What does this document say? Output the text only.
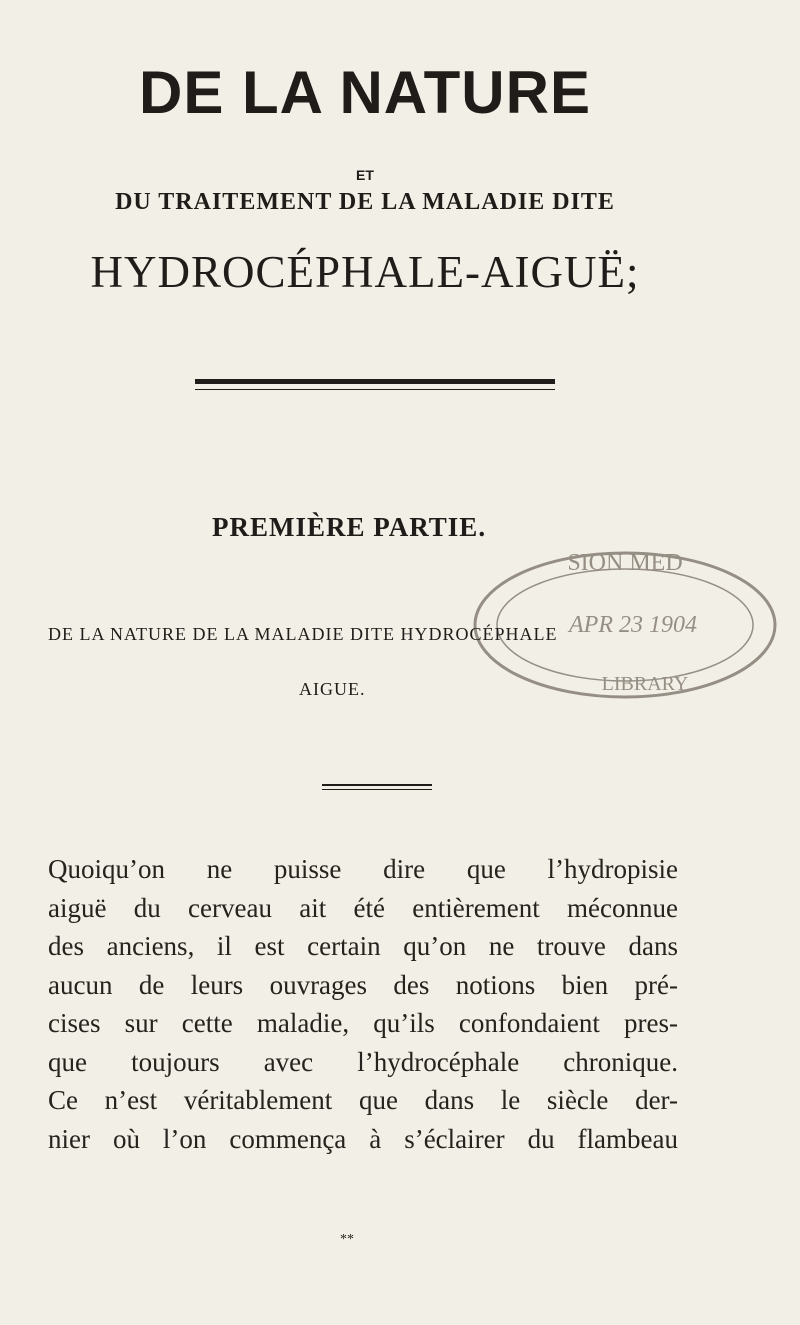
DE LA NATURE
ET
DU TRAITEMENT DE LA MALADIE DITE
HYDROCÉPHALE-AIGUË;
PREMIÈRE PARTIE.
SION MED
APR 23 1904
LIBRARY
DE LA NATURE DE LA MALADIE DITE HYDROCÉPHALE
AIGUE.
Quoiqu’on ne puisse dire que l’hydropisie
aiguë du cerveau ait été entièrement méconnue
des anciens, il est certain qu’on ne trouve dans
aucun de leurs ouvrages des notions bien pré-
cises sur cette maladie, qu’ils confondaient pres-
que toujours avec l’hydrocéphale chronique.
Ce n’est véritablement que dans le siècle der-
nier où l’on commença à s’éclairer du flambeau
**
